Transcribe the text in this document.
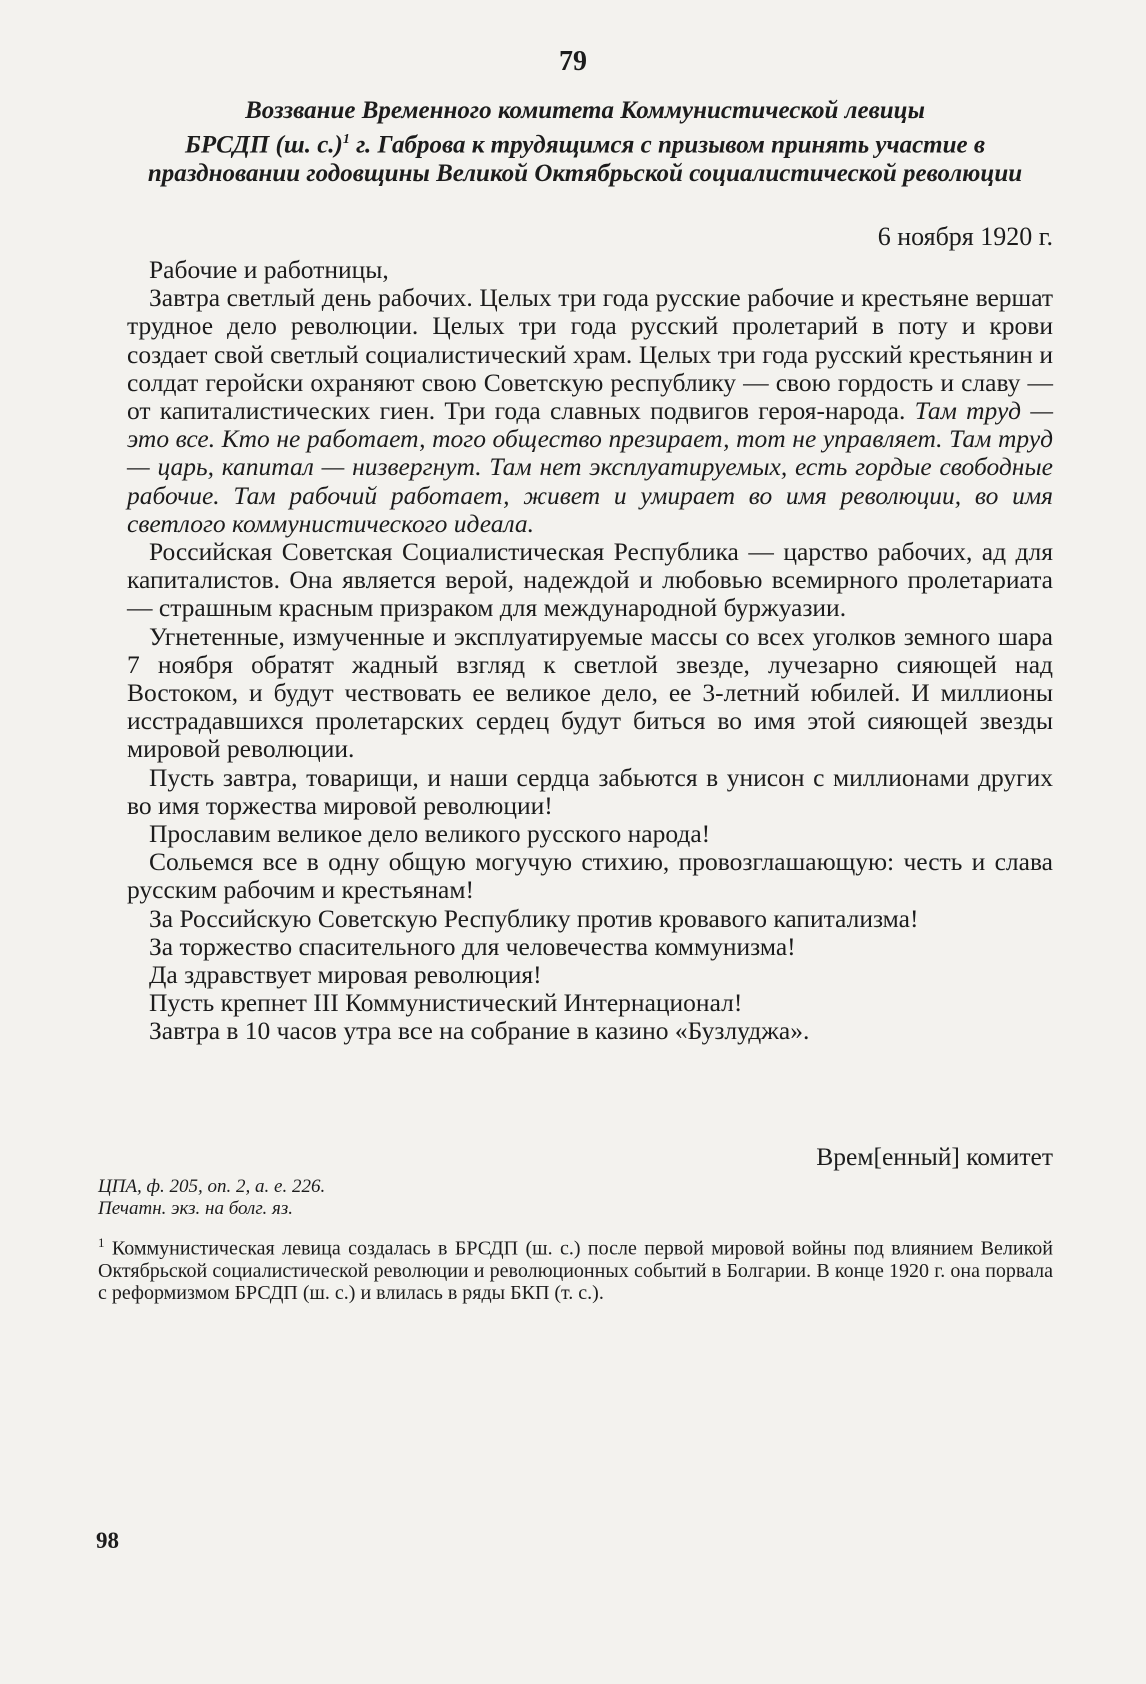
79
Воззвание Временного комитета Коммунистической левицы
БРСДП (ш. с.)$^1$ г. Габрова к трудящимся с призывом принять участие в праздновании годовщины Великой Октябрьской социалистической революции

6 ноября 1920 г.

Рабочие и работницы,

Завтра светлый день рабочих. Целых три года русские рабочие и крестьяне вершат трудное дело революции. Целых три года русский пролетарий в поту и крови создает свой светлый социалистический храм. Целых три года русский крестьянин и солдат геройски охраняют свою Советскую республику — свою гордость и славу — от капиталистических гиен. Три года славных подвигов героя-народа. Там труд — это все. Кто не работает, того общество презирает, тот не управляет. Там труд — царь, капитал — низвергнут. Там нет эксплуатируемых, есть гордые свободные рабочие. Там рабочий работает, живет и умирает во имя революции, во имя светлого коммунистического идеала.

Российская Советская Социалистическая Республика — царство рабочих, ад для капиталистов. Она является верой, надеждой и любовью всемирного пролетариата — страшным красным призраком для международной буржуазии.

Угнетенные, измученные и эксплуатируемые массы со всех уголков земного шара 7 ноября обратят жадный взгляд к светлой звезде, лучезарно сияющей над Востоком, и будут чествовать ее великое дело, ее 3-летний юбилей. И миллионы исстрадавшихся пролетарских сердец будут биться во имя этой сияющей звезды мировой революции.

Пусть завтра, товарищи, и наши сердца забьются в унисон с миллионами других во имя торжества мировой революции!

Прославим великое дело великого русского народа!

Сольемся все в одну общую могучую стихию, провозглашающую: честь и слава русским рабочим и крестьянам!

За Российскую Советскую Республику против кровавого капитализма!

За торжество спасительного для человечества коммунизма!

Да здравствует мировая революция!

Пусть крепнет III Коммунистический Интернационал!

Завтра в 10 часов утра все на собрание в казино «Бузлуджа».

Врем[енный] комитет

ЦПА, ф. 205, оп. 2, а. е. 226.
Печатн. экз. на болг. яз.

$^1$ Коммунистическая левица создалась в БРСДП (ш. с.) после первой мировой войны под влиянием Великой Октябрьской социалистической революции и революционных событий в Болгарии. В конце 1920 г. она порвала с реформизмом БРСДП (ш. с.) и влилась в ряды БКП (т. с.).

98
